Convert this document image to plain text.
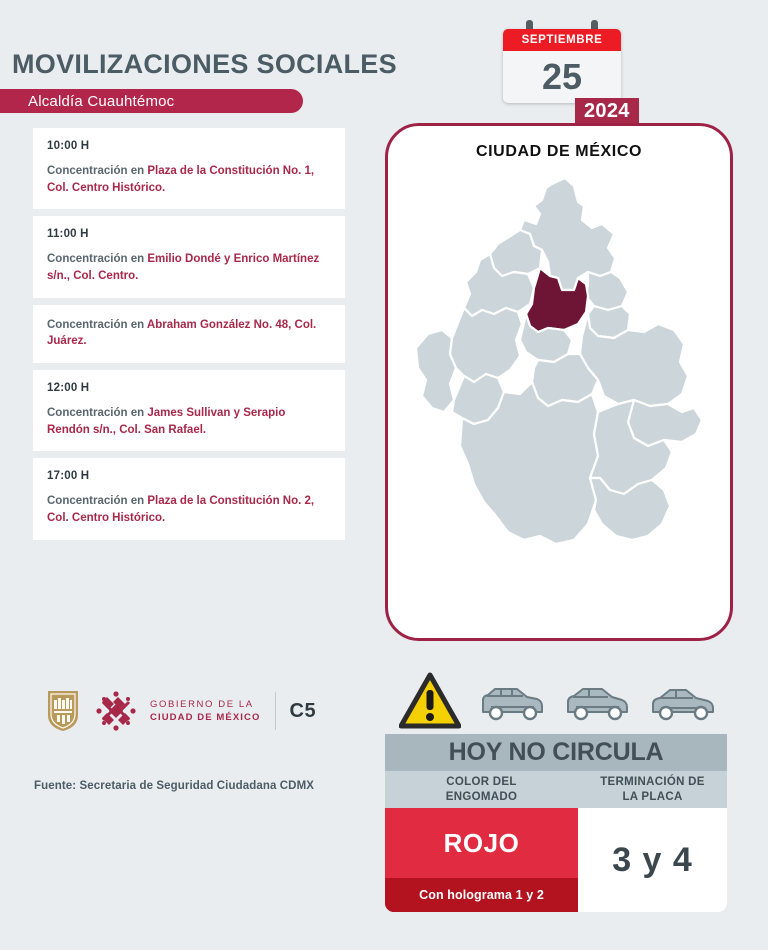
MOVILIZACIONES SOCIALES
Alcaldía Cuauhtémoc
SEPTIEMBRE
25
2024
10:00 H
Concentración en Plaza de la Constitución No. 1, Col. Centro Histórico.
11:00 H
Concentración en Emilio Dondé y Enrico Martínez s/n., Col. Centro.
Concentración en Abraham González No. 48, Col. Juárez.
12:00 H
Concentración en James Sullivan y Serapio Rendón s/n., Col. San Rafael.
17:00 H
Concentración en Plaza de la Constitución No. 2, Col. Centro Histórico.
CIUDAD DE MÉXICO
GOBIERNO DE LA
CIUDAD DE MÉXICO C5
Fuente: Secretaria de Seguridad Ciudadana CDMX
HOY NO CIRCULA
COLOR DEL
ENGOMADO
TERMINACIÓN DE
LA PLACA
ROJO
Con holograma 1 y 2
3 y 4
